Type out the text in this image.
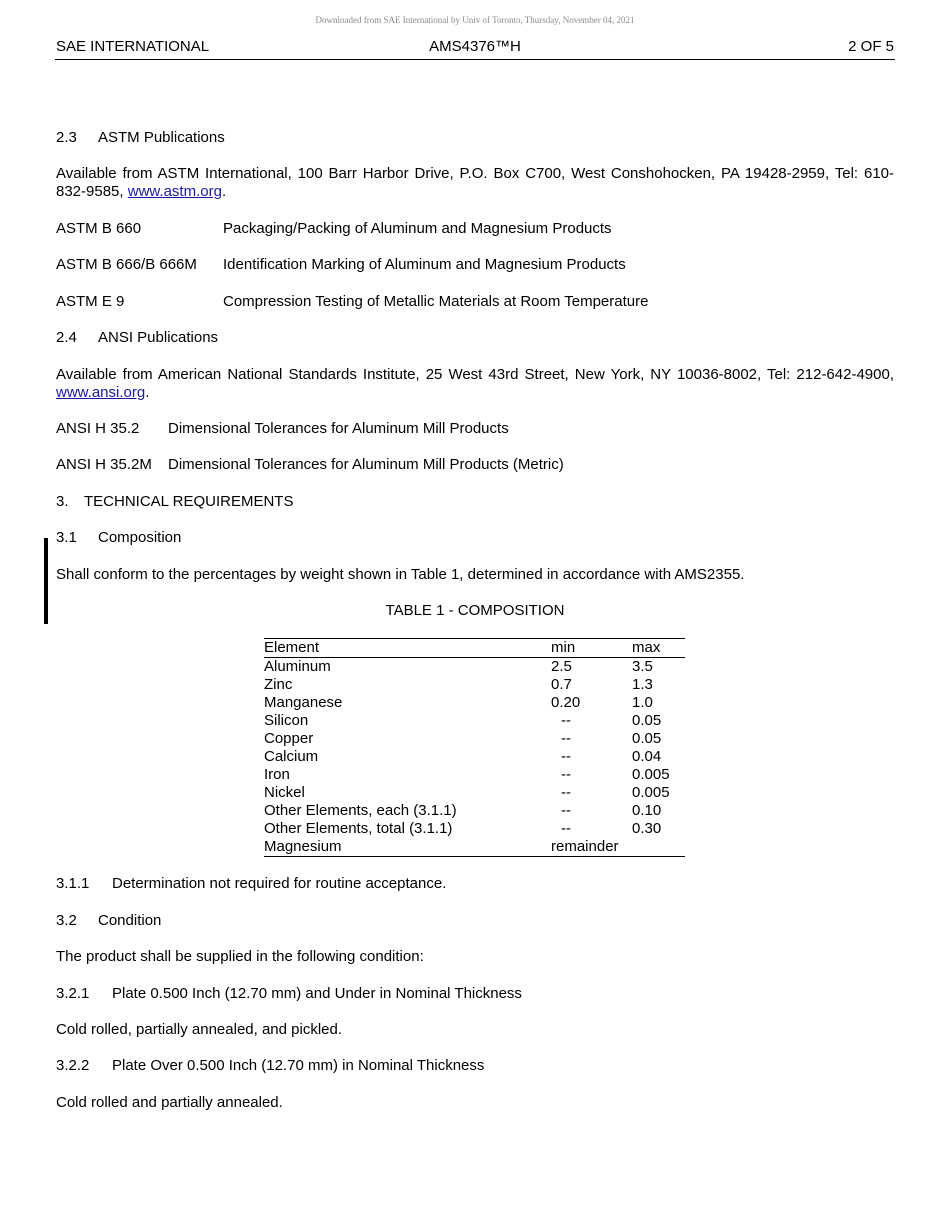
Downloaded from SAE International by Univ of Toronto, Thursday, November 04, 2021
SAE INTERNATIONAL	AMS4376™H	2 OF 5
2.3 ASTM Publications
Available from ASTM International, 100 Barr Harbor Drive, P.O. Box C700, West Conshohocken, PA 19428-2959, Tel: 610-832-9585, www.astm.org.
ASTM B 660	Packaging/Packing of Aluminum and Magnesium Products
ASTM B 666/B 666M Identification Marking of Aluminum and Magnesium Products
ASTM E 9	Compression Testing of Metallic Materials at Room Temperature
2.4 ANSI Publications
Available from American National Standards Institute, 25 West 43rd Street, New York, NY 10036-8002, Tel: 212-642-4900, www.ansi.org.
ANSI H 35.2 Dimensional Tolerances for Aluminum Mill Products
ANSI H 35.2M Dimensional Tolerances for Aluminum Mill Products (Metric)
3. TECHNICAL REQUIREMENTS
3.1 Composition
Shall conform to the percentages by weight shown in Table 1, determined in accordance with AMS2355.
TABLE 1 - COMPOSITION
Element	min	max
Aluminum	2.5	3.5
Zinc	0.7	1.3
Manganese	0.20	1.0
Silicon	--	0.05
Copper	--	0.05
Calcium	--	0.04
Iron	--	0.005
Nickel	--	0.005
Other Elements, each (3.1.1)	--	0.10
Other Elements, total (3.1.1)	--	0.30
Magnesium	remainder	
3.1.1 Determination not required for routine acceptance.
3.2 Condition
The product shall be supplied in the following condition:
3.2.1 Plate 0.500 Inch (12.70 mm) and Under in Nominal Thickness
Cold rolled, partially annealed, and pickled.
3.2.2 Plate Over 0.500 Inch (12.70 mm) in Nominal Thickness
Cold rolled and partially annealed.
